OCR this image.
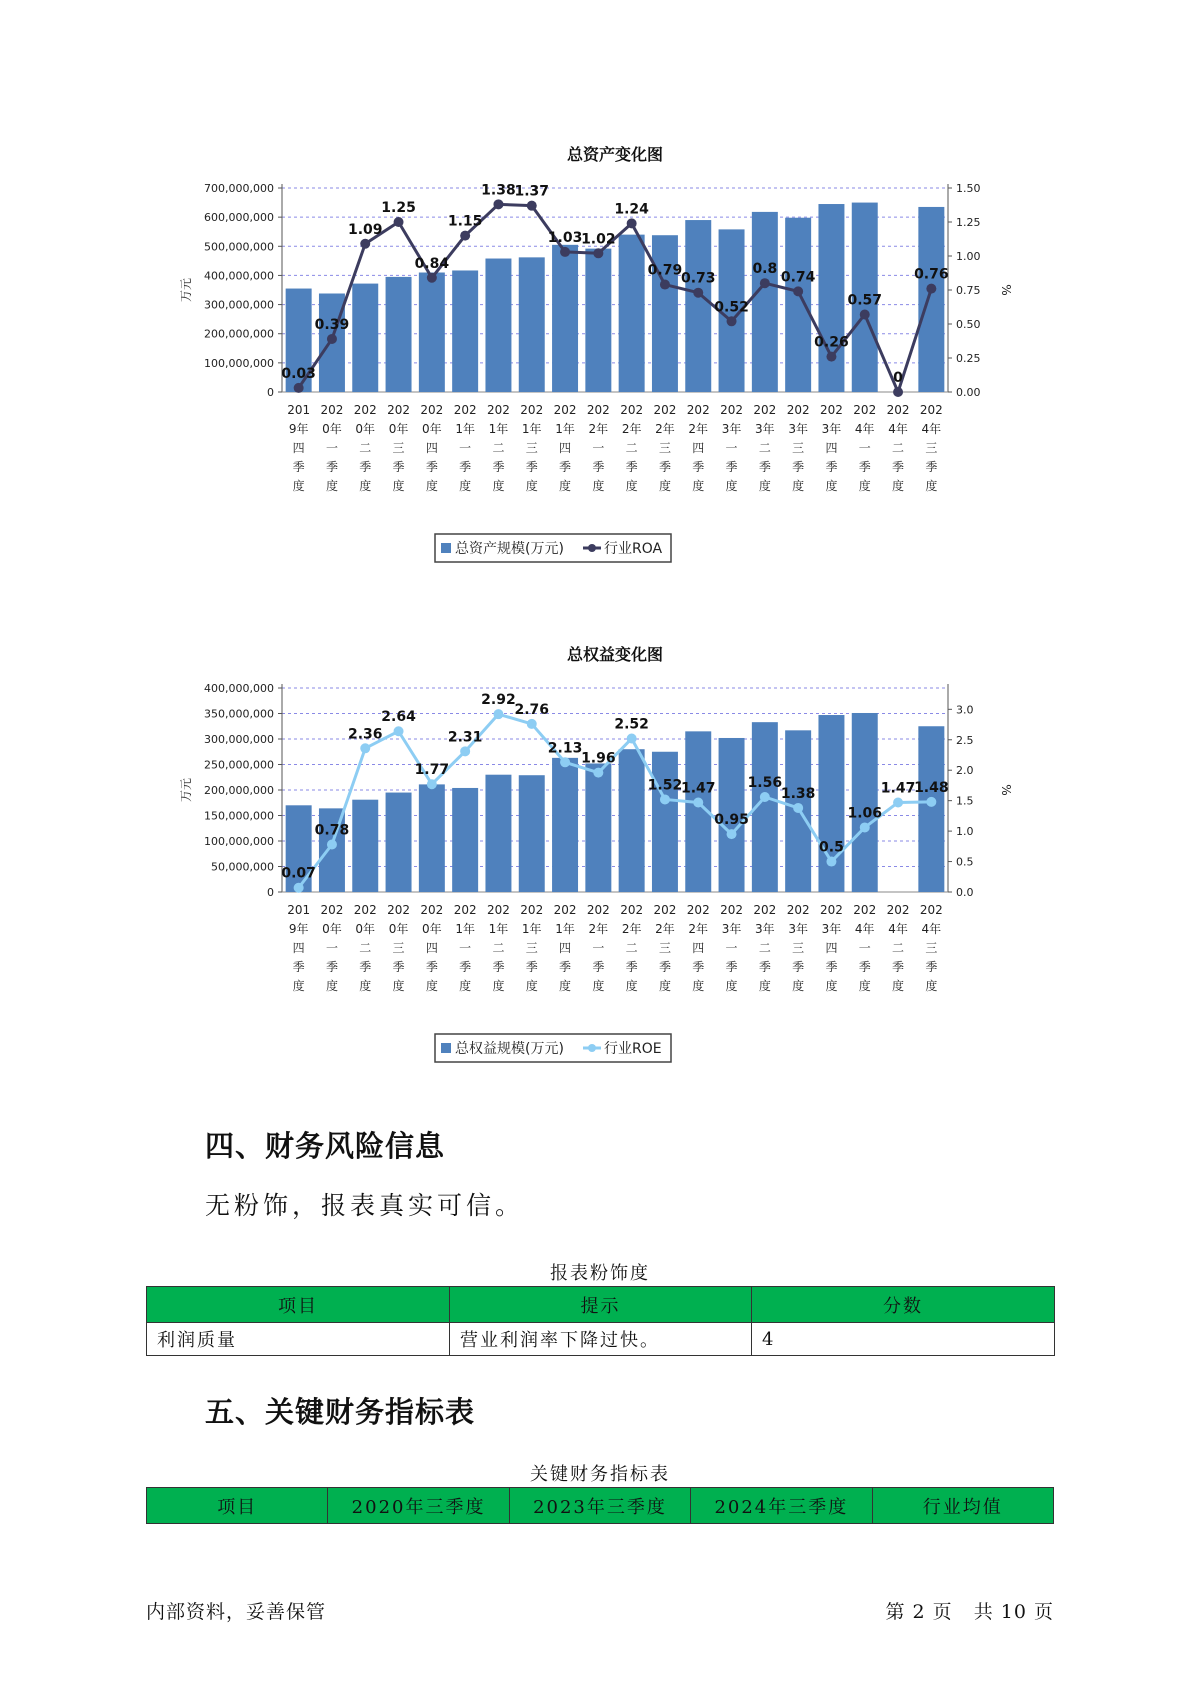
总资产变化图
0
100,000,000
200,000,000
300,000,000
400,000,000
500,000,000
600,000,000
700,000,000
0.00
0.25
0.50
0.75
1.00
1.25
1.50
万元	%
0.03
0.39
1.09
1.25
0.84
1.15
1.38
1.37
1.03
1.02
1.24
0.79
0.73
0.52
0.8
0.74
0.26
0.57
0
0.76
201 9年四季度
202 0年一季度
202 0年二季度
202 0年三季度
202 0年四季度
202 1年一季度
202 1年二季度
202 1年三季度
202 1年四季度
202 2年一季度
202 2年二季度
202 2年三季度
202 2年四季度
202 3年一季度
202 3年二季度
202 3年三季度
202 3年四季度
202 4年一季度
202 4年二季度
202 4年三季度
总资产规模(万元)	行业ROA
总权益变化图
0
50,000,000
100,000,000
150,000,000
200,000,000
250,000,000
300,000,000
350,000,000
400,000,000
0.0
0.5
1.0
1.5
2.0
2.5
3.0
万元	%
0.07
0.78
2.36
2.64
1.77
2.31
2.92
2.76
2.13
1.96
2.52
1.52
1.47
0.95
1.56
1.38
0.5
1.06
1.47
1.48
201 9年四季度
202 0年一季度
202 0年二季度
202 0年三季度
202 0年四季度
202 1年一季度
202 1年二季度
202 1年三季度
202 1年四季度
202 2年一季度
202 2年二季度
202 2年三季度
202 2年四季度
202 3年一季度
202 3年二季度
202 3年三季度
202 3年四季度
202 4年一季度
202 4年二季度
202 4年三季度
总权益规模(万元)	行业ROE
四、财务风险信息

无粉饰，报表真实可信。

报表粉饰度
项目	提示	分数
利润质量	营业利润率下降过快。	4
五、关键财务指标表
关键财务指标表
项目	2020年三季度	2023年三季度	2024年三季度	行业均值
内部资料，妥善保管	第 2 页   共 10 页
